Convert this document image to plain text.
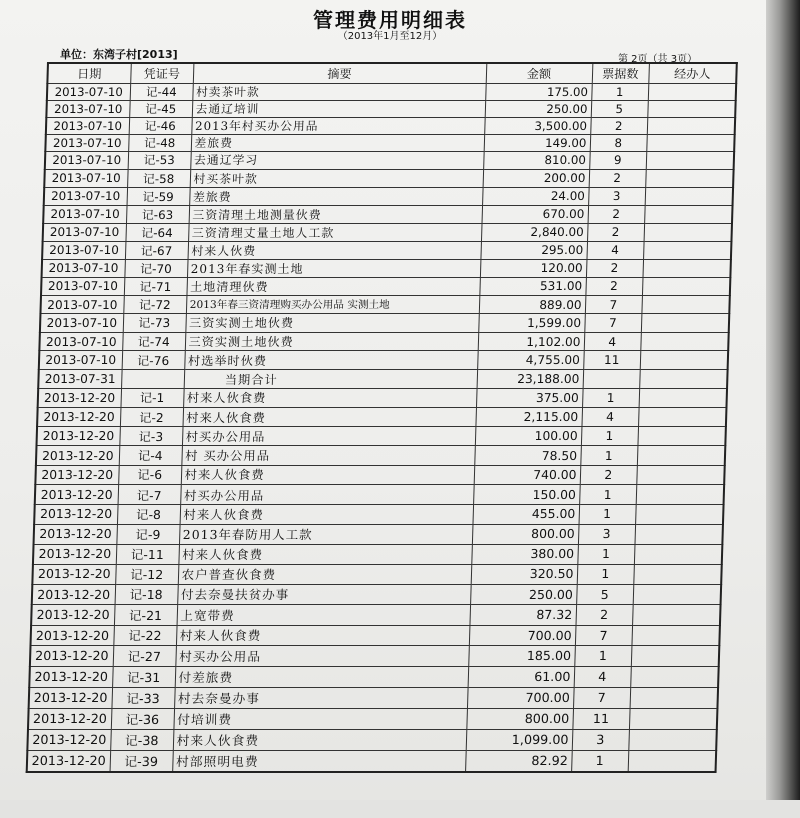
管理费用明细表
（2013年1月至12月）
单位：东湾子村[2013]	第 2页（共 3页）
日期	凭证号	摘要	金额	票据数	经办人
2013-07-10	记-44	村卖茶叶款	175.00	1	
2013-07-10	记-45	去通辽培训	250.00	5	
2013-07-10	记-46	2013年村买办公用品	3,500.00	2	
2013-07-10	记-48	差旅费	149.00	8	
2013-07-10	记-53	去通辽学习	810.00	9	
2013-07-10	记-58	村买茶叶款	200.00	2	
2013-07-10	记-59	差旅费	24.00	3	
2013-07-10	记-63	三资清理土地测量伙费	670.00	2	
2013-07-10	记-64	三资清理丈量土地人工款	2,840.00	2	
2013-07-10	记-67	村来人伙费	295.00	4	
2013-07-10	记-70	2013年春实测土地	120.00	2	
2013-07-10	记-71	土地清理伙费	531.00	2	
2013-07-10	记-72	2013年春三资清理购买办公用品 实测土地	889.00	7	
2013-07-10	记-73	三资实测土地伙费	1,599.00	7	
2013-07-10	记-74	三资实测土地伙费	1,102.00	4	
2013-07-10	记-76	村选举时伙费	4,755.00	11	
2013-07-31		当期合计	23,188.00		
2013-12-20	记-1	村来人伙食费	375.00	1	
2013-12-20	记-2	村来人伙食费	2,115.00	4	
2013-12-20	记-3	村买办公用品	100.00	1	
2013-12-20	记-4	村 买办公用品	78.50	1	
2013-12-20	记-6	村来人伙食费	740.00	2	
2013-12-20	记-7	村买办公用品	150.00	1	
2013-12-20	记-8	村来人伙食费	455.00	1	
2013-12-20	记-9	2013年春防用人工款	800.00	3	
2013-12-20	记-11	村来人伙食费	380.00	1	
2013-12-20	记-12	农户普查伙食费	320.50	1	
2013-12-20	记-18	付去奈曼扶贫办事	250.00	5	
2013-12-20	记-21	上宽带费	87.32	2	
2013-12-20	记-22	村来人伙食费	700.00	7	
2013-12-20	记-27	村买办公用品	185.00	1	
2013-12-20	记-31	付差旅费	61.00	4	
2013-12-20	记-33	村去奈曼办事	700.00	7	
2013-12-20	记-36	付培训费	800.00	11	
2013-12-20	记-38	村来人伙食费	1,099.00	3	
2013-12-20	记-39	村部照明电费	82.92	1	
